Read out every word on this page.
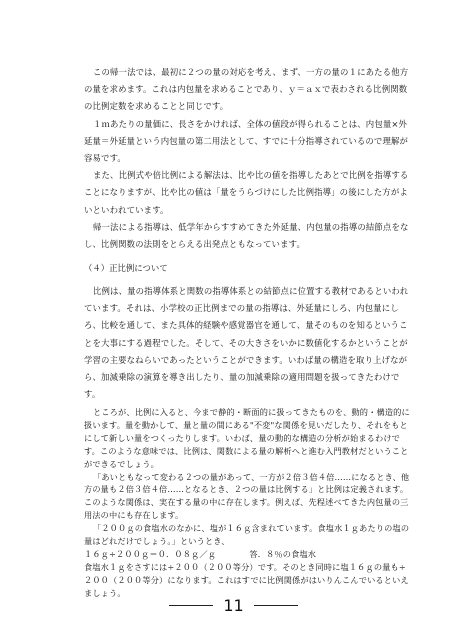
この帰一法では、最初に２つの量の対応を考え、まず、一方の量の１にあたる他方の量を求めます。これは内包量を求めることであり、ｙ＝ａｘで表わされる比例関数の比例定数を求めることと同じです。

１ｍあたりの量価に、長さをかければ、全体の値段が得られることは、内包量×外延量＝外延量という内包量の第二用法として、すでに十分指導されているので理解が容易です。

また、比例式や倍比例による解法は、比や比の値を指導したあとで比例を指導することになりますが、比や比の値は「量をうらづけにした比例指導」の後にした方がよいといわれています。

帰一法による指導は、低学年からすすめてきた外延量、内包量の指導の結節点をなし、比例関数の法則をとらえる出発点ともなっています。

（４）正比例について

比例は、量の指導体系と関数の指導体系との結節点に位置する教材であるといわれています。それは、小学校の正比例までの量の指導は、外延量にしろ、内包量にしろ、比較を通して、また具体的経験や感覚器官を通して、量そのものを知るということを大事にする過程でした。そして、その大きさをいかに数値化するかということが学習の主要なねらいであったということができます。いわば量の構造を取り上げながら、加減乗除の演算を導き出したり、量の加減乗除の適用問題を扱ってきたわけです。

ところが、比例に入ると、今まで静的・断面的に扱ってきたものを、動的・構造的に扱います。量を動かして、量と量の間にある"不変"な関係を見いだしたり、それをもとにして新しい量をつくったりします。いわば、量の動的な構造の分析が始まるわけです。このような意味では、比例は、関数による量の解析へと進む入門教材だということができるでしょう。

「あいともなって変わる２つの量があって、一方が２倍３倍４倍……になるとき、他方の量も２倍３倍４倍……となるとき、２つの量は比例する」と比例は定義されます。このような関係は、実在する量の中に存在します。例えば、先程述べてきた内包量の三用法の中にも存在します。

「２００ｇの食塩水のなかに、塩が１６ｇ含まれています。食塩水１ｇあたりの塩の量はどれだけでしょう。」というとき、

１６ｇ÷２００ｇ＝０．０８ｇ／ｇ　　　　答．８％の食塩水

食塩水１ｇをさすには÷２００（２００等分）です。そのとき同時に塩１６ｇの量も÷２００（２００等分）になります。これはすでに比例関係がはいりんこんでいるといえましょう。

11
